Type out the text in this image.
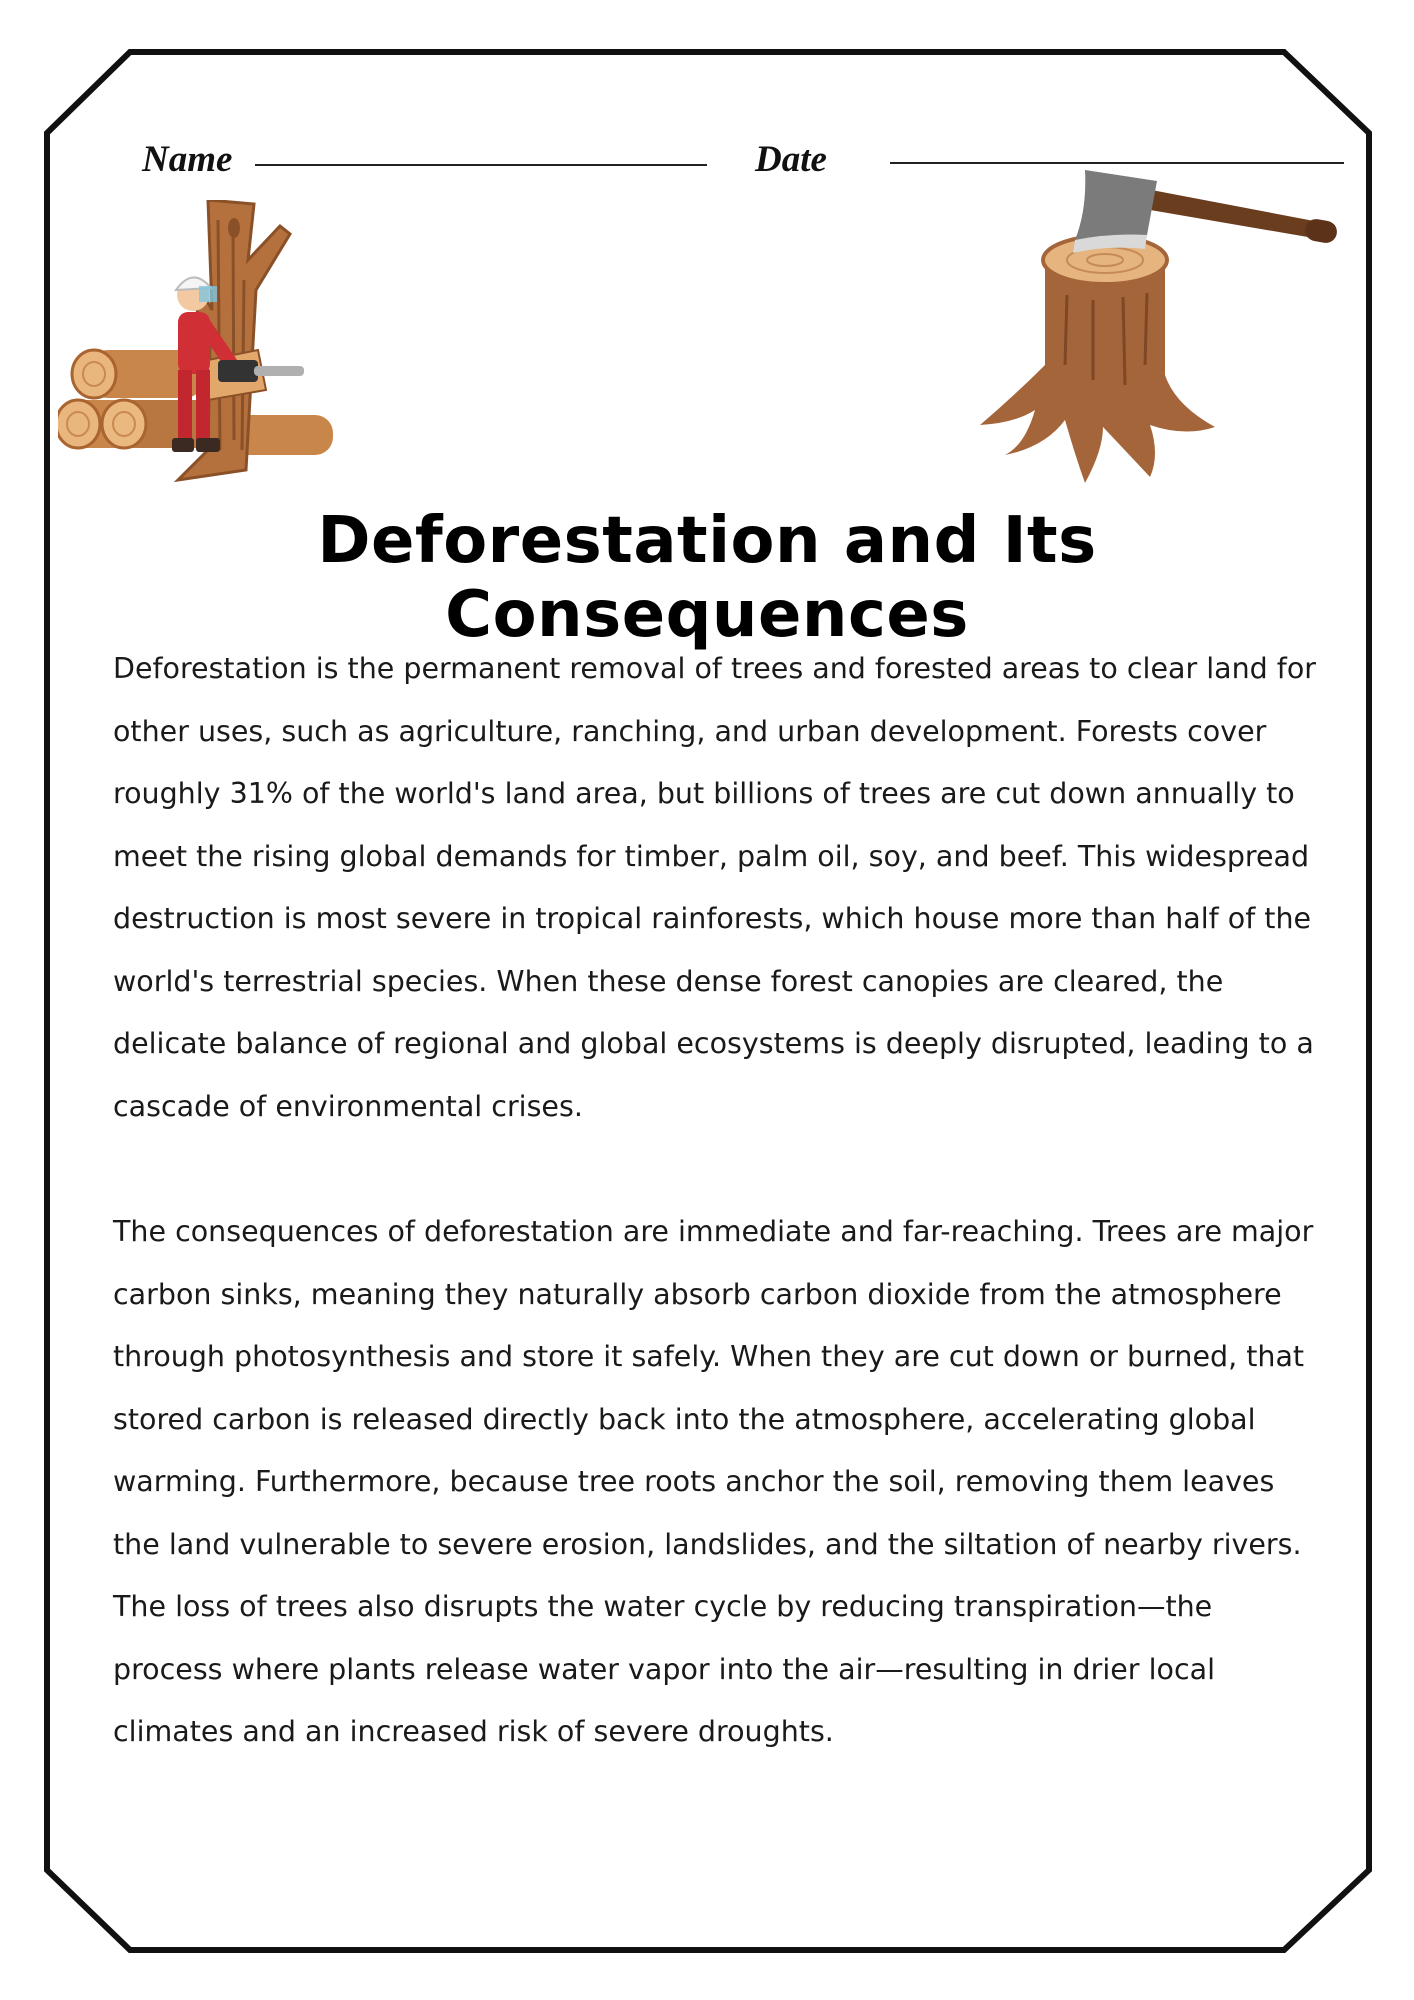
Name	Date
Deforestation and Its Consequences
Deforestation is the permanent removal of trees and forested areas to clear land for other uses, such as agriculture, ranching, and urban development. Forests cover roughly 31% of the world's land area, but billions of trees are cut down annually to meet the rising global demands for timber, palm oil, soy, and beef. This widespread destruction is most severe in tropical rainforests, which house more than half of the world's terrestrial species. When these dense forest canopies are cleared, the delicate balance of regional and global ecosystems is deeply disrupted, leading to a cascade of environmental crises.
The consequences of deforestation are immediate and far-reaching. Trees are major carbon sinks, meaning they naturally absorb carbon dioxide from the atmosphere through photosynthesis and store it safely. When they are cut down or burned, that stored carbon is released directly back into the atmosphere, accelerating global warming. Furthermore, because tree roots anchor the soil, removing them leaves the land vulnerable to severe erosion, landslides, and the siltation of nearby rivers. The loss of trees also disrupts the water cycle by reducing transpiration—the process where plants release water vapor into the air—resulting in drier local climates and an increased risk of severe droughts.
